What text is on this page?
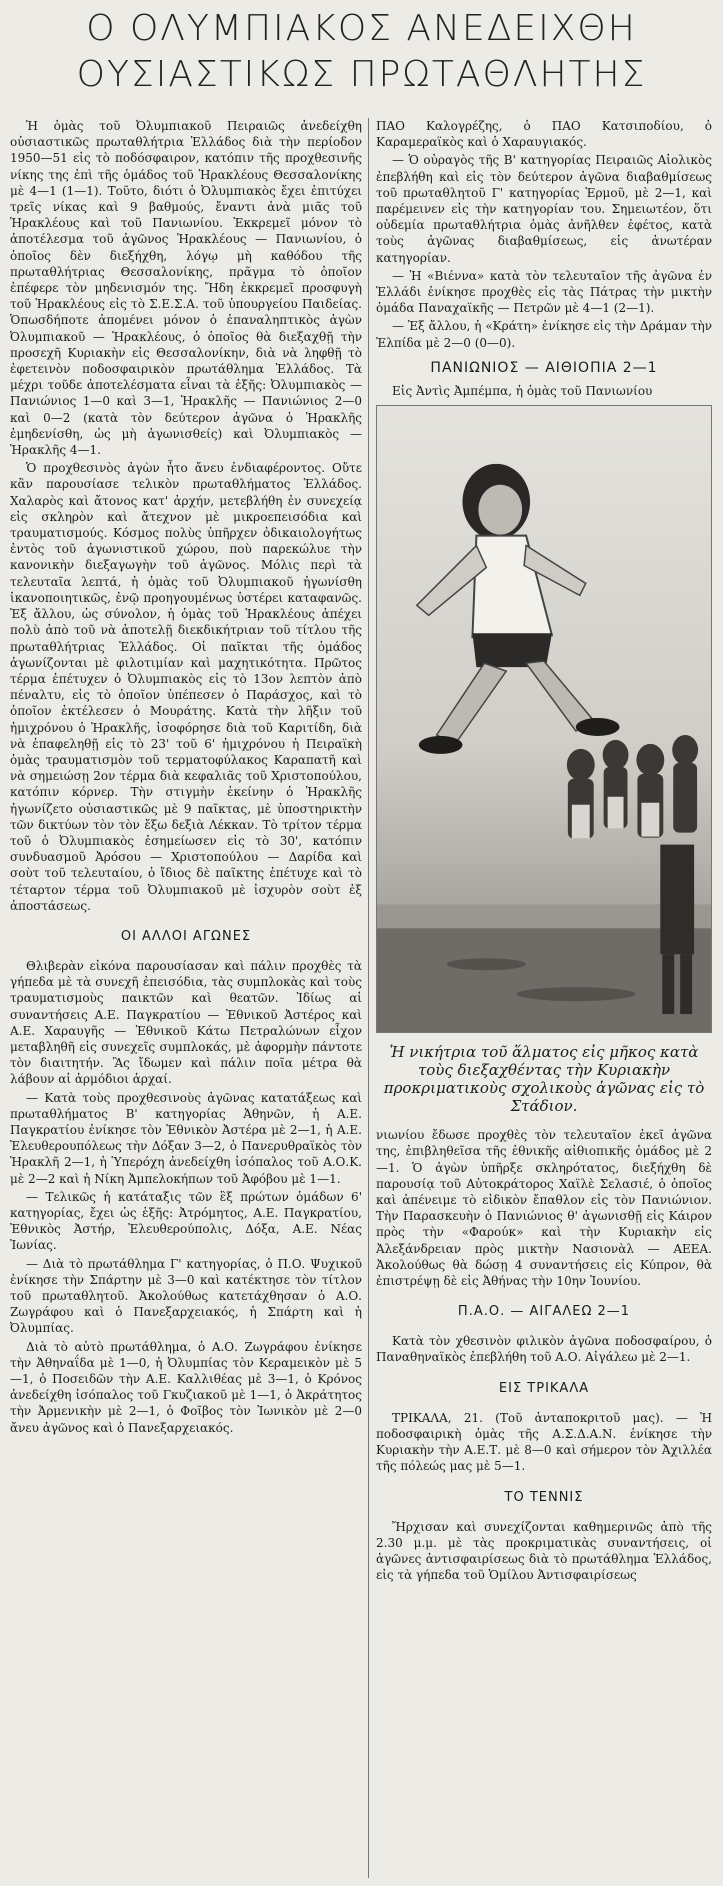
Ο ΟΛΥΜΠΙΑΚΟΣ ΑΝΕΔΕΙΧΘΗ
ΟΥΣΙΑΣΤΙΚΩΣ ΠΡΩΤΑΘΛΗΤΗΣ

Ἡ ὁμὰς τοῦ Ὀλυμπιακοῦ Πειραιῶς ἀνεδείχθη οὐσιαστικῶς πρωταθλήτρια Ἑλλάδος διὰ τὴν περίοδον 1950—51 εἰς τὸ ποδόσφαιρον, κατόπιν τῆς προχθεσινῆς νίκης της ἐπὶ τῆς ὁμάδος τοῦ Ἡρακλέους Θεσσαλονίκης μὲ 4—1 (1—1). Τοῦτο, διότι ὁ Ὀλυμπιακὸς ἔχει ἐπιτύχει τρεῖς νίκας καὶ 9 βαθμούς, ἔναντι ἀνὰ μιᾶς τοῦ Ἡρακλέους καὶ τοῦ Πανιωνίου. Ἐκκρεμεῖ μόνον τὸ ἀποτέλεσμα τοῦ ἀγῶνος Ἡρακλέους — Πανιωνίου, ὁ ὁποῖος δὲν διεξήχθη, λόγῳ μὴ καθόδου τῆς πρωταθλήτριας Θεσσαλονίκης, πρᾶγμα τὸ ὁποῖον ἐπέφερε τὸν μηδενισμόν της. Ἤδη ἐκκρεμεῖ προσφυγὴ τοῦ Ἡρακλέους εἰς τὸ Σ.Ε.Σ.Α. τοῦ ὑπουργείου Παιδείας. Ὁπωσδήποτε ἀπομένει μόνον ὁ ἐπαναληπτικὸς ἀγὼν Ὀλυμπιακοῦ — Ἡρακλέους, ὁ ὁποῖος θὰ διεξαχθῇ τὴν προσεχῆ Κυριακὴν εἰς Θεσσαλονίκην, διὰ νὰ ληφθῇ τὸ ἐφετεινὸν ποδοσφαιρικὸν πρωτάθλημα Ἑλλάδος. Τὰ μέχρι τοῦδε ἀποτελέσματα εἶναι τὰ ἑξῆς: Ὀλυμπιακὸς — Πανιώνιος 1—0 καὶ 3—1, Ἡρακλῆς — Πανιώνιος 2—0 καὶ 0—2 (κατὰ τὸν δεύτερον ἀγῶνα ὁ Ἡρακλῆς ἐμηδενίσθη, ὡς μὴ ἀγωνισθείς) καὶ Ὀλυμπιακὸς — Ἡρακλῆς 4—1.

Ὁ προχθεσινὸς ἀγὼν ἦτο ἄνευ ἐνδιαφέροντος. Οὔτε κἂν παρουσίασε τελικὸν πρωταθλήματος Ἑλλάδος. Χαλαρὸς καὶ ἄτονος κατ' ἀρχήν, μετεβλήθη ἐν συνεχείᾳ εἰς σκληρὸν καὶ ἄτεχνον μὲ μικροεπεισόδια καὶ τραυματισμούς. Κόσμος πολὺς ὑπῆρχεν ὀδικαιολογήτως ἐντὸς τοῦ ἀγωνιστικοῦ χώρου, ποὺ παρεκώλυε τὴν κανονικὴν διεξαγωγὴν τοῦ ἀγῶνος. Μόλις περὶ τὰ τελευταῖα λεπτά, ἡ ὁμὰς τοῦ Ὀλυμπιακοῦ ἠγωνίσθη ἱκανοποιητικῶς, ἐνῷ προηγουμένως ὑστέρει καταφανῶς. Ἐξ ἄλλου, ὡς σύνολον, ἡ ὁμὰς τοῦ Ἡρακλέους ἀπέχει πολὺ ἀπὸ τοῦ νὰ ἀποτελῇ διεκδικήτριαν τοῦ τίτλου τῆς πρωταθλήτριας Ἑλλάδος. Οἱ παῖκται τῆς ὁμάδος ἀγωνίζονται μὲ φιλοτιμίαν καὶ μαχητικότητα. Πρῶτος τέρμα ἐπέτυχεν ὁ Ὀλυμπιακὸς εἰς τὸ 13ον λεπτὸν ἀπὸ πέναλτυ, εἰς τὸ ὁποῖον ὑπέπεσεν ὁ Παράσχος, καὶ τὸ ὁποῖον ἐκτέλεσεν ὁ Μουράτης. Κατὰ τὴν λῆξιν τοῦ ἡμιχρόνου ὁ Ἡρακλῆς, ἰσοφόρησε διὰ τοῦ Καριτίδη, διὰ νὰ ἐπαφεληθῇ εἰς τὸ 23' τοῦ 6' ἡμιχρόνου ἡ Πειραϊκὴ ὁμὰς τραυματισμὸν τοῦ τερματοφύλακος Καραπατῆ καὶ νὰ σημειώσῃ 2ον τέρμα διὰ κεφαλιᾶς τοῦ Χριστοπούλου, κατόπιν κόρνερ. Τὴν στιγμὴν ἐκείνην ὁ Ἡρακλῆς ἠγωνίζετο οὐσιαστικῶς μὲ 9 παῖκτας, μὲ ὑποστηρικτὴν τῶν δικτύων τὸν τὸν ἔξω δεξιὰ Λέκκαν. Τὸ τρίτον τέρμα τοῦ ὁ Ὀλυμπιακὸς ἐσημείωσεν εἰς τὸ 30', κατόπιν συνδυασμοῦ Ἀρόσου — Χριστοπούλου — Δαρίδα καὶ σοὺτ τοῦ τελευταίου, ὁ ἴδιος δὲ παῖκτης ἐπέτυχε καὶ τὸ τέταρτον τέρμα τοῦ Ὀλυμπιακοῦ μὲ ἰσχυρὸν σοὺτ ἐξ ἀποστάσεως.

ΟΙ ΑΛΛΟΙ ΑΓΩΝΕΣ

Θλιβερὰν εἰκόνα παρουσίασαν καὶ πάλιν προχθὲς τὰ γήπεδα μὲ τὰ συνεχῆ ἐπεισόδια, τὰς συμπλοκὰς καὶ τοὺς τραυματισμοὺς παικτῶν καὶ θεατῶν. Ἰδίως αἱ συναντήσεις Α.Ε. Παγκρατίου — Ἐθνικοῦ Ἀστέρος καὶ Α.Ε. Χαραυγῆς — Ἐθνικοῦ Κάτω Πετραλώνων εἶχον μεταβληθῆ εἰς συνεχεῖς συμπλοκάς, μὲ ἀφορμὴν πάντοτε τὸν διαιτητήν. Ἂς ἴδωμεν καὶ πάλιν ποῖα μέτρα θὰ λάβουν αἱ ἁρμόδιοι ἀρχαί.

— Κατὰ τοὺς προχθεσινοὺς ἀγῶνας κατατάξεως καὶ πρωταθλήματος Β' κατηγορίας Ἀθηνῶν, ἡ Α.Ε. Παγκρατίου ἐνίκησε τὸν Ἐθνικὸν Ἀστέρα μὲ 2—1, ἡ Α.Ε. Ἐλευθερουπόλεως τὴν Δόξαν 3—2, ὁ Πανερυθραϊκὸς τὸν Ἡρακλῆ 2—1, ἡ Ὑπερόχη ἀνεδείχθη ἰσόπαλος τοῦ Α.Ο.Κ. μὲ 2—2 καὶ ἡ Νίκη Ἀμπελοκήπων τοῦ Ἀφόβου μὲ 1—1.

— Τελικῶς ἡ κατάταξις τῶν ἓξ πρώτων ὁμάδων 6' κατηγορίας, ἔχει ὡς ἑξῆς: Ἀτρόμητος, Α.Ε. Παγκρατίου, Ἐθνικὸς Ἀστήρ, Ἐλευθερούπολις, Δόξα, Α.Ε. Νέας Ἰωνίας.

— Διὰ τὸ πρωτάθλημα Γ' κατηγορίας, ὁ Π.Ο. Ψυχικοῦ ἐνίκησε τὴν Σπάρτην μὲ 3—0 καὶ κατέκτησε τὸν τίτλον τοῦ πρωταθλητοῦ. Ἀκολούθως κατετάχθησαν ὁ Α.Ο. Ζωγράφου καὶ ὁ Πανεξαρχειακός, ἡ Σπάρτη καὶ ἡ Ὀλυμπίας.

Διὰ τὸ αὐτὸ πρωτάθλημα, ὁ Α.Ο. Ζωγράφου ἐνίκησε τὴν Ἀθηναΐδα μὲ 1—0, ἡ Ὀλυμπίας τὸν Κεραμεικὸν μὲ 5—1, ὁ Ποσειδῶν τὴν Α.Ε. Καλλιθέας μὲ 3—1, ὁ Κρόνος ἀνεδείχθη ἰσόπαλος τοῦ Γκυζιακοῦ μὲ 1—1, ὁ Ἀκράτητος τὴν Ἀρμενικὴν μὲ 2—1, ὁ Φοῖβος τὸν Ἰωνικὸν μὲ 2—0 ἄνευ ἀγῶνος καὶ ὁ Πανεξαρχειακός.

ΠΑΟ Καλογρέζης, ὁ ΠΑΟ Κατσιποδίου, ὁ Καραμεραϊκὸς καὶ ὁ Χαραυγιακός.

— Ὁ οὐραγὸς τῆς Β' κατηγορίας Πειραιῶς Αἰολικὸς ἐπεβλήθη καὶ εἰς τὸν δεύτερον ἀγῶνα διαβαθμίσεως τοῦ πρωταθλητοῦ Γ' κατηγορίας Ἑρμοῦ, μὲ 2—1, καὶ παρέμεινεν εἰς τὴν κατηγορίαν του. Σημειωτέον, ὅτι οὐδεμία πρωταθλήτρια ὁμὰς ἀνῆλθεν ἐφέτος, κατὰ τοὺς ἀγῶνας διαβαθμίσεως, εἰς ἀνωτέραν κατηγορίαν.

— Ἡ «Βιέννα» κατὰ τὸν τελευταῖον τῆς ἀγῶνα ἐν Ἑλλάδι ἐνίκησε προχθὲς εἰς τὰς Πάτρας τὴν μικτὴν ὁμάδα Παναχαϊκῆς — Πετρῶν μὲ 4—1 (2—1).

— Ἐξ ἄλλου, ἡ «Κράτη» ἐνίκησε εἰς τὴν Δράμαν τὴν Ἐλπίδα μὲ 2—0 (0—0).

ΠΑΝΙΩΝΙΟΣ — ΑΙΘΙΟΠΙΑ 2—1

Εἰς Ἀντὶς Ἀμπέμπα, ἡ ὁμὰς τοῦ Πανιωνίου

Ἡ νικήτρια τοῦ ἅλματος εἰς μῆκος κατὰ τοὺς διεξαχθέντας τὴν Κυριακὴν προκριματικοὺς σχολικοὺς ἀγῶνας εἰς τὸ Στάδιον.

νιωνίου ἔδωσε προχθὲς τὸν τελευταῖον ἐκεῖ ἀγῶνα της, ἐπιβληθεῖσα τῆς ἐθνικῆς αἰθιοπικῆς ὁμάδος μὲ 2—1. Ὁ ἀγὼν ὑπῆρξε σκληρότατος, διεξήχθη δὲ παρουσίᾳ τοῦ Αὐτοκράτορος Χαϊλὲ Σελασιέ, ὁ ὁποῖος καὶ ἀπένειμε τὸ εἰδικὸν ἔπαθλον εἰς τὸν Πανιώνιον. Τὴν Παρασκευὴν ὁ Πανιώνιος θ' ἀγωνισθῇ εἰς Κάιρον πρὸς τὴν «Φαρούκ» καὶ τὴν Κυριακὴν εἰς Ἀλεξάνδρειαν πρὸς μικτὴν Νασιονὰλ — ΑΕΕΑ. Ἀκολούθως θὰ δώσῃ 4 συναντήσεις εἰς Κύπρον, θὰ ἐπιστρέψῃ δὲ εἰς Ἀθήνας τὴν 10ην Ἰουνίου.

Π.Α.Ο. — ΑΙΓΑΛΕΩ 2—1

Κατὰ τὸν χθεσινὸν φιλικὸν ἀγῶνα ποδοσφαίρου, ὁ Παναθηναϊκὸς ἐπεβλήθη τοῦ Α.Ο. Αἰγάλεω μὲ 2—1.

ΕΙΣ ΤΡΙΚΑΛΑ

ΤΡΙΚΑΛΑ, 21. (Τοῦ ἀνταποκριτοῦ μας). — Ἡ ποδοσφαιρικὴ ὁμὰς τῆς Α.Σ.Δ.Α.Ν. ἐνίκησε τὴν Κυριακὴν τὴν Α.Ε.Τ. μὲ 8—0 καὶ σήμερον τὸν Ἀχιλλέα τῆς πόλεώς μας μὲ 5—1.

ΤΟ ΤΕΝΝΙΣ

Ἤρχισαν καὶ συνεχίζονται καθημερινῶς ἀπὸ τῆς 2.30 μ.μ. μὲ τὰς προκριματικὰς συναντήσεις, οἱ ἀγῶνες ἀντισφαιρίσεως διὰ τὸ πρωτάθλημα Ἑλλάδος, εἰς τὰ γήπεδα τοῦ Ὁμίλου Ἀντισφαιρίσεως
